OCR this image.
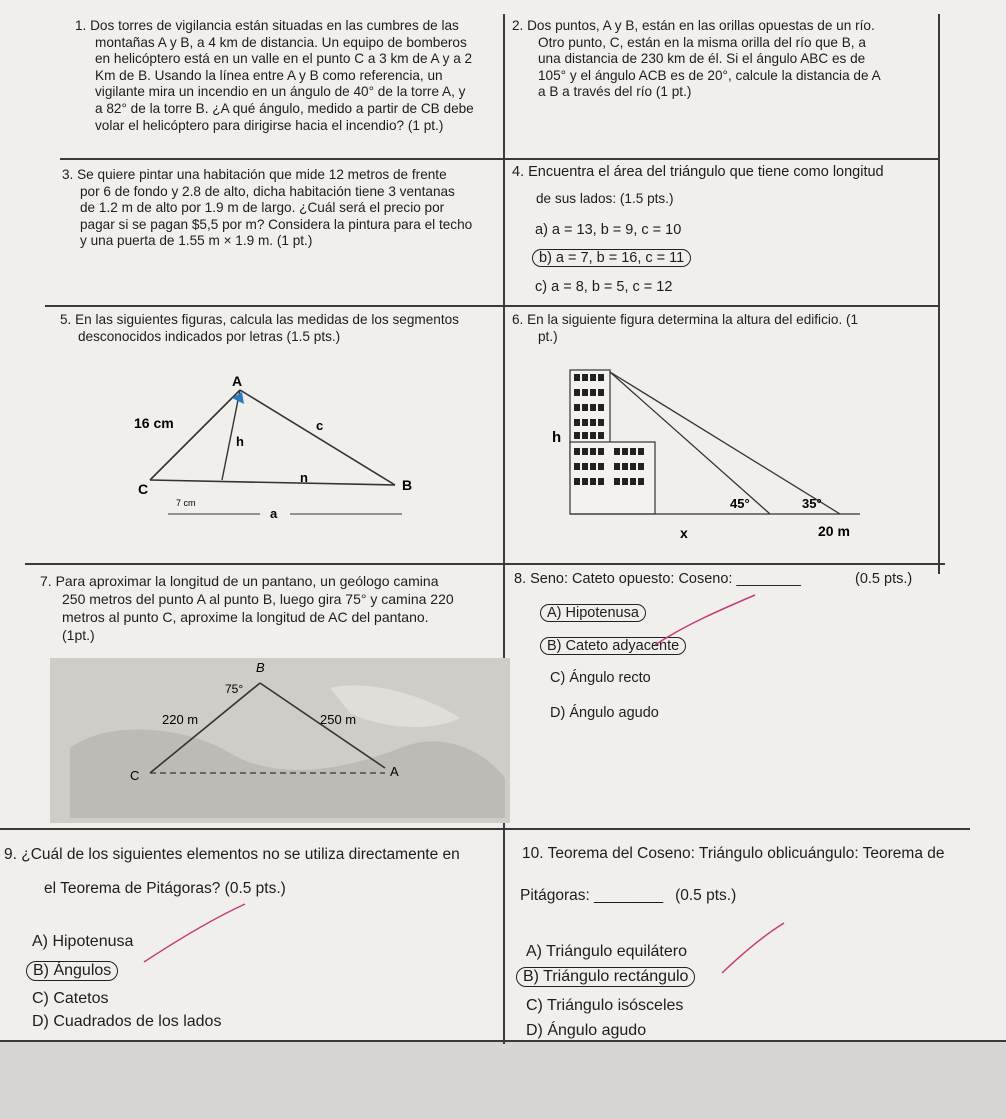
1. Dos torres de vigilancia están situadas en las cumbres de las

montañas A y B, a 4 km de distancia. Un equipo de bomberos

en helicóptero está en un valle en el punto C a 3 km de A y a 2

Km de B. Usando la línea entre A y B como referencia, un

vigilante mira un incendio en un ángulo de 40° de la torre A, y

a 82° de la torre B. ¿A qué ángulo, medido a partir de CB debe

volar el helicóptero para dirigirse hacia el incendio? (1 pt.)

2. Dos puntos, A y B, están en las orillas opuestas de un río.

Otro punto, C, están en la misma orilla del río que B, a

una distancia de 230 km de él. Si el ángulo ABC es de

105° y el ángulo ACB es de 20°, calcule la distancia de A

a B a través del río (1 pt.)

3. Se quiere pintar una habitación que mide 12 metros de frente

por 6 de fondo y 2.8 de alto, dicha habitación tiene 3 ventanas

de 1.2 m de alto por 1.9 m de largo. ¿Cuál será el precio por

pagar si se pagan $5,5 por m? Considera la pintura para el techo

y una puerta de 1.55 m × 1.9 m. (1 pt.)

4. Encuentra el área del triángulo que tiene como longitud

de sus lados: (1.5 pts.)

a) a = 13, b = 9, c = 10
b) a = 7, b = 16, c = 11
c) a = 8, b = 5, c = 12

5. En las siguientes figuras, calcula las medidas de los segmentos

desconocidos indicados por letras (1.5 pts.)

A
16 cm	c
h
n
C	B
7 cm
a

6. En la siguiente figura determina la altura del edificio. (1

pt.)

h
45°	35°
x	20 m

7. Para aproximar la longitud de un pantano, un geólogo camina

250 metros del punto A al punto B, luego gira 75° y camina 220

metros al punto C, aproxime la longitud de AC del pantano.

(1pt.)

B
75°
220 m	250 m
C	A
8. Seno: Cateto opuesto: Coseno: ________	(0.5 pts.)
A) Hipotenusa
B) Cateto adyacente
C) Ángulo recto
D) Ángulo agudo

9. ¿Cuál de los siguientes elementos no se utiliza directamente en

el Teorema de Pitágoras? (0.5 pts.)

A) Hipotenusa
B) Ángulos
C) Catetos
D) Cuadrados de los lados
10. Teorema del Coseno: Triángulo oblicuángulo: Teorema de
Pitágoras: ________ (0.5 pts.)
A) Triángulo equilátero
B) Triángulo rectángulo
C) Triángulo isósceles
D) Ángulo agudo
